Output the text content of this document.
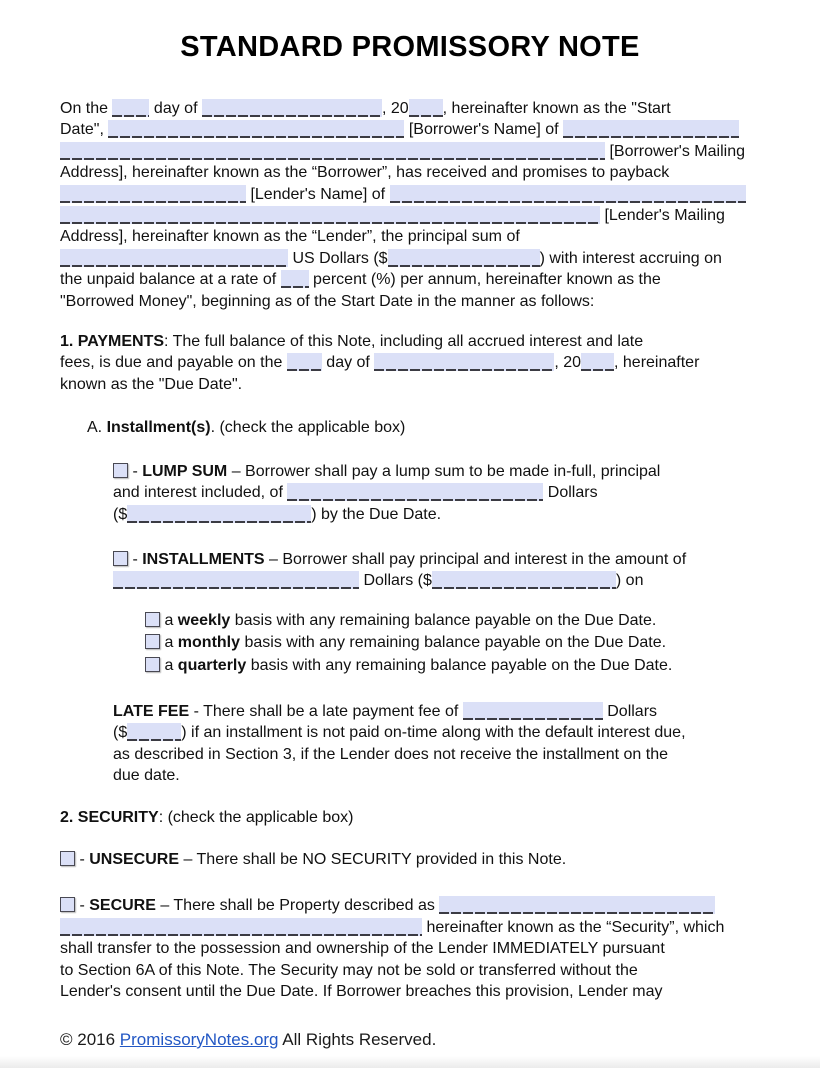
STANDARD PROMISSORY NOTE

On the  day of	, 20 , hereinafter known as the "Start
Date",	[Borrower's Name] of
[Borrower's Mailing
Address], hereinafter known as the “Borrower”, has received and promises to payback
[Lender's Name] of
[Lender's Mailing
Address], hereinafter known as the “Lender”, the principal sum of
US Dollars ($	) with interest accruing on
the unpaid balance at a rate of  percent (%) per annum, hereinafter known as the
"Borrowed Money", beginning as of the Start Date in the manner as follows:

1. PAYMENTS: The full balance of this Note, including all accrued interest and late
fees, is due and payable on the  day of	, 20 , hereinafter
known as the "Due Date".

A. Installment(s). (check the applicable box)

- LUMP SUM – Borrower shall pay a lump sum to be made in-full, principal
and interest included, of	Dollars
($	) by the Due Date.

- INSTALLMENTS – Borrower shall pay principal and interest in the amount of
Dollars ($	) on

a weekly basis with any remaining balance payable on the Due Date.

a monthly basis with any remaining balance payable on the Due Date.

a quarterly basis with any remaining balance payable on the Due Date.

LATE FEE - There shall be a late payment fee of	Dollars
($	) if an installment is not paid on-time along with the default interest due,
as described in Section 3, if the Lender does not receive the installment on the
due date.

2. SECURITY: (check the applicable box)

- UNSECURE – There shall be NO SECURITY provided in this Note.

- SECURE – There shall be Property described as
hereinafter known as the “Security”, which
shall transfer to the possession and ownership of the Lender IMMEDIATELY pursuant
to Section 6A of this Note. The Security may not be sold or transferred without the
Lender's consent until the Due Date. If Borrower breaches this provision, Lender may

© 2016 PromissoryNotes.org All Rights Reserved.
